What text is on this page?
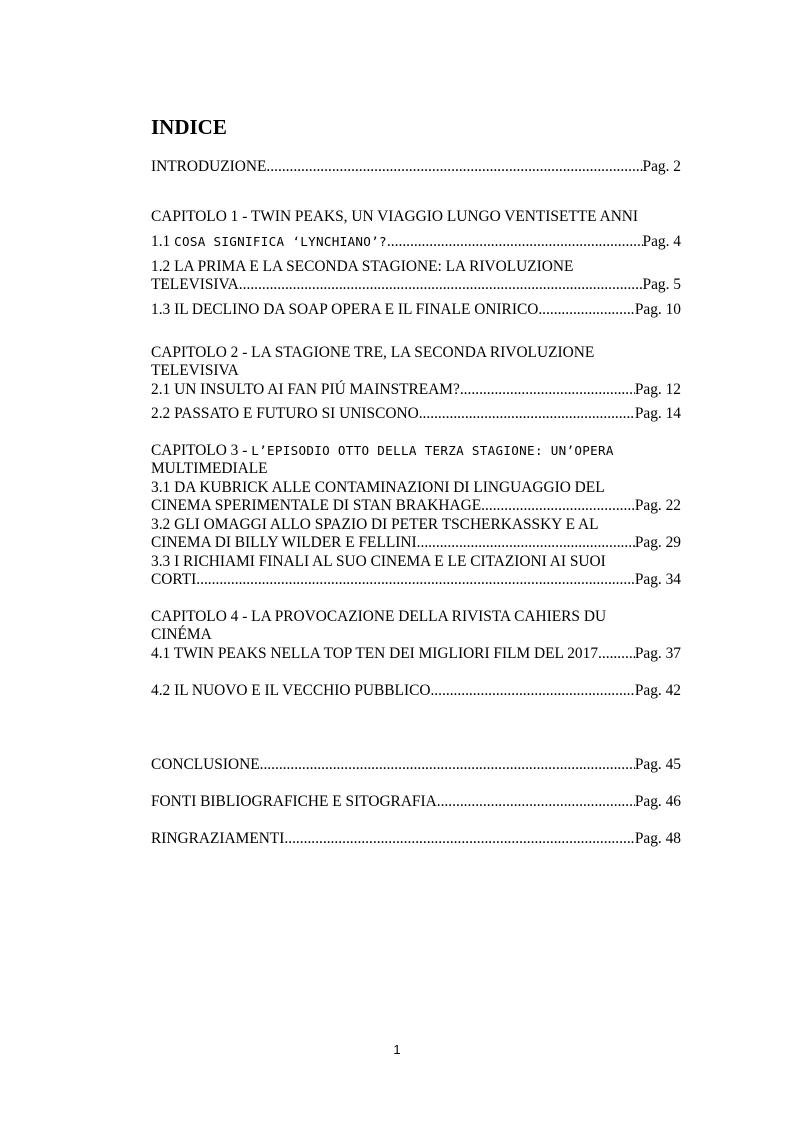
INDICE
INTRODUZIONE .....	Pag. 2
CAPITOLO 1 - TWIN PEAKS, UN VIAGGIO LUNGO VENTISETTE ANNI
1.1 COSA SIGNIFICA ‘LYNCHIANO’? .....	Pag. 4
1.2 LA PRIMA E LA SECONDA STAGIONE: LA RIVOLUZIONE
TELEVISIVA .....	Pag. 5
1.3 IL DECLINO DA SOAP OPERA E IL FINALE ONIRICO .....	Pag. 10
CAPITOLO 2 - LA STAGIONE TRE, LA SECONDA RIVOLUZIONE
TELEVISIVA
2.1 UN INSULTO AI FAN PIÚ MAINSTREAM? .....	Pag. 12
2.2 PASSATO E FUTURO SI UNISCONO .....	Pag. 14
CAPITOLO 3 - L’EPISODIO OTTO DELLA TERZA STAGIONE: UN’OPERA
MULTIMEDIALE
3.1 DA KUBRICK ALLE CONTAMINAZIONI DI LINGUAGGIO DEL
CINEMA SPERIMENTALE DI STAN BRAKHAGE .....	Pag. 22
3.2 GLI OMAGGI ALLO SPAZIO DI PETER TSCHERKASSKY E AL
CINEMA DI BILLY WILDER E FELLINI .....	Pag. 29
3.3 I RICHIAMI FINALI AL SUO CINEMA E LE CITAZIONI AI SUOI
CORTI .....	Pag. 34
CAPITOLO 4 - LA PROVOCAZIONE DELLA RIVISTA CAHIERS DU
CINÉMA
4.1 TWIN PEAKS NELLA TOP TEN DEI MIGLIORI FILM DEL 2017 ..... Pag. 37
4.2 IL NUOVO E IL VECCHIO PUBBLICO .....	Pag. 42
CONCLUSIONE .....	Pag. 45
FONTI BIBLIOGRAFICHE E SITOGRAFIA .....	Pag. 46
RINGRAZIAMENTI .....	Pag. 48
1
